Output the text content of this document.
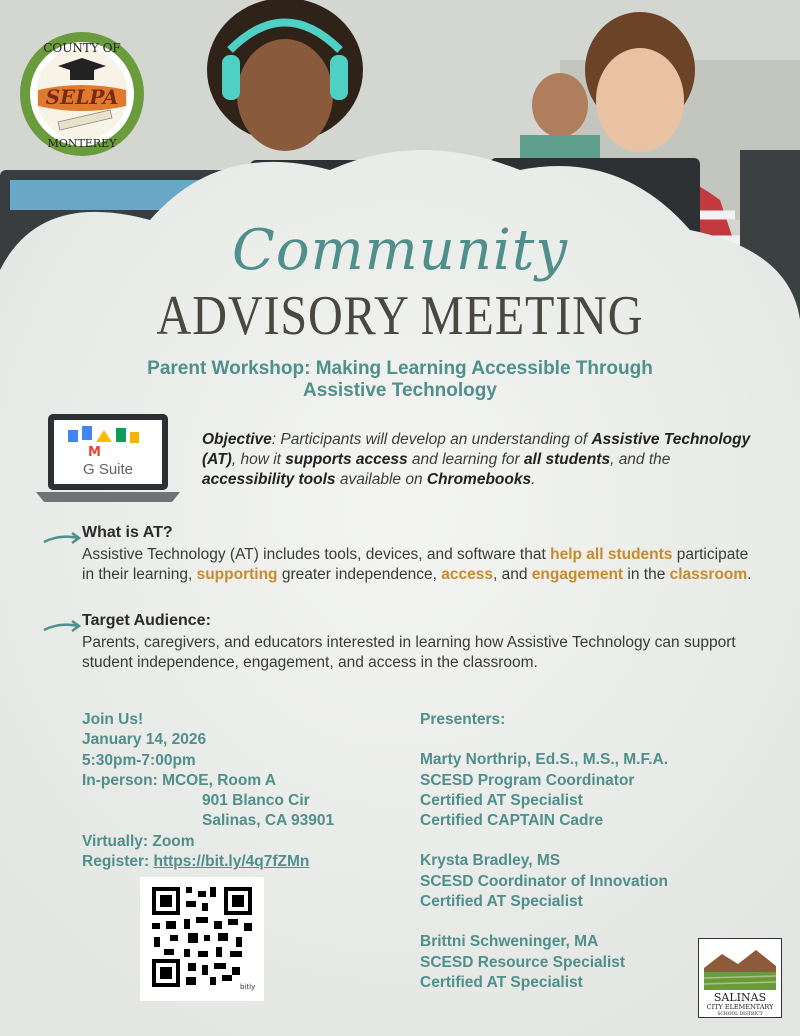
COUNTY OF
SELPA
MONTEREY
Community
ADVISORY MEETING
Parent Workshop: Making Learning Accessible Through
Assistive Technology
M
G Suite
Objective: Participants will develop an understanding of Assistive Technology (AT), how it supports access and learning for all students, and the accessibility tools available on Chromebooks.
What is AT?
Assistive Technology (AT) includes tools, devices, and software that help all students participate in their learning, supporting greater independence, access, and engagement in the classroom.
Target Audience:
Parents, caregivers, and educators interested in learning how Assistive Technology can support student independence, engagement, and access in the classroom.
Join Us!
January 14, 2026
5:30pm-7:00pm
In-person: MCOE, Room A
901 Blanco Cir
Salinas, CA 93901
Virtually: Zoom
Register: https://bit.ly/4q7fZMn
bitly
Presenters:
Marty Northrip, Ed.S., M.S., M.F.A.
SCESD Program Coordinator
Certified AT Specialist
Certified CAPTAIN Cadre
Krysta Bradley, MS
SCESD Coordinator of Innovation
Certified AT Specialist
Brittni Schweninger, MA
SCESD Resource Specialist
Certified AT Specialist
SALINAS
CITY ELEMENTARY
SCHOOL DISTRICT
